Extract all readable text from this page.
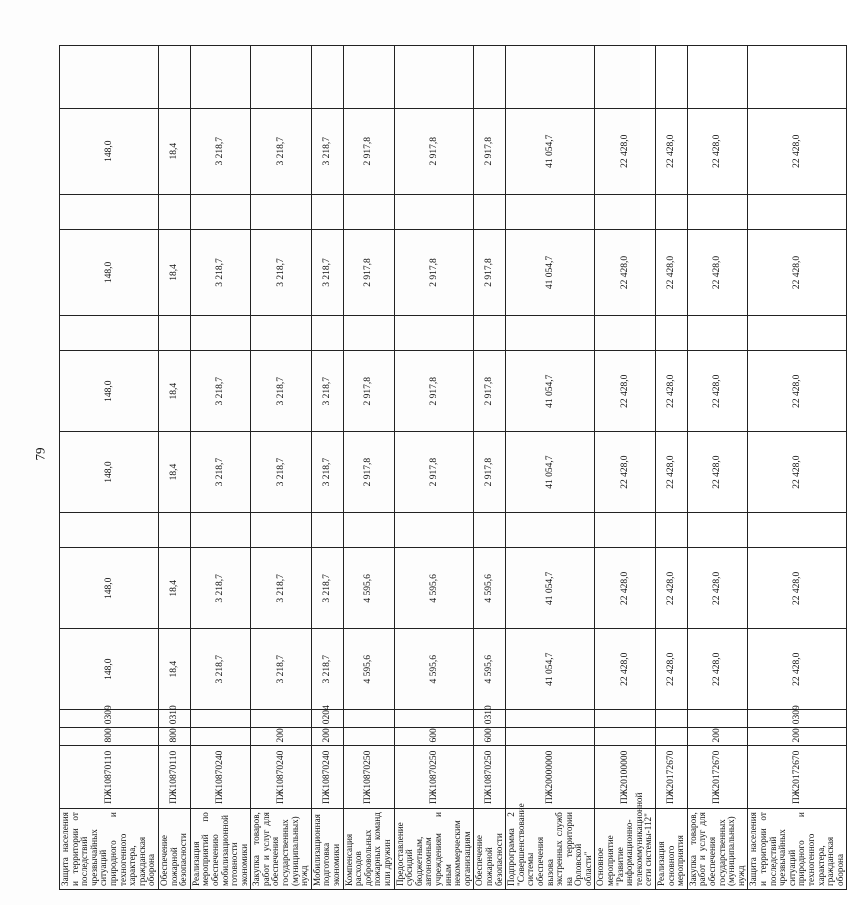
79
Защита населения и территории от последствий чрезвычайных ситуаций природного и техногенного характера, гражданская оборона	ПЖ10870110	800	0309	148,0	148,0		148,0	148,0		148,0		148,0	
Обеспечение пожарной безопасности	ПЖ10870110	800	0310	18,4	18,4		18,4	18,4		18,4		18,4	
Реализация мероприятий по обеспечению мобилизационной готовности экономики	ПЖ10870240			3 218,7	3 218,7		3 218,7	3 218,7		3 218,7		3 218,7	
Закупка товаров, работ и услуг для обеспечения государственных (муниципальных) нужд	ПЖ10870240	200		3 218,7	3 218,7		3 218,7	3 218,7		3 218,7		3 218,7	
Мобилизационная подготовка экономики	ПЖ10870240	200	0204	3 218,7	3 218,7		3 218,7	3 218,7		3 218,7		3 218,7	
Компенсация расходов добровольных пожарных команд или дружин	ПЖ10870250			4 595,6	4 595,6		2 917,8	2 917,8		2 917,8		2 917,8	
Предоставление субсидий бюджетным, автономным учреждениям и иным некоммерческим организациям	ПЖ10870250	600		4 595,6	4 595,6		2 917,8	2 917,8		2 917,8		2 917,8	
Обеспечение пожарной безопасности	ПЖ10870250	600	0310	4 595,6	4 595,6		2 917,8	2 917,8		2 917,8		2 917,8	
Подпрограмма 2 "Совершенствование системы обеспечения вызова экстренных служб на территории Орловской области"	ПЖ20000000			41 054,7	41 054,7		41 054,7	41 054,7		41 054,7		41 054,7	
Основное мероприятие "Развитие информационно-телекоммуникационной сети системы-112"	ПЖ20100000			22 428,0	22 428,0		22 428,0	22 428,0		22 428,0		22 428,0	
Реализация основного мероприятия	ПЖ20172670			22 428,0	22 428,0		22 428,0	22 428,0		22 428,0		22 428,0	
Закупка товаров, работ и услуг для обеспечения государственных (муниципальных) нужд	ПЖ20172670	200		22 428,0	22 428,0		22 428,0	22 428,0		22 428,0		22 428,0	
Защита населения и территории от последствий чрезвычайных ситуаций природного и техногенного характера, гражданская оборона	ПЖ20172670	200	0309	22 428,0	22 428,0		22 428,0	22 428,0		22 428,0		22 428,0	
